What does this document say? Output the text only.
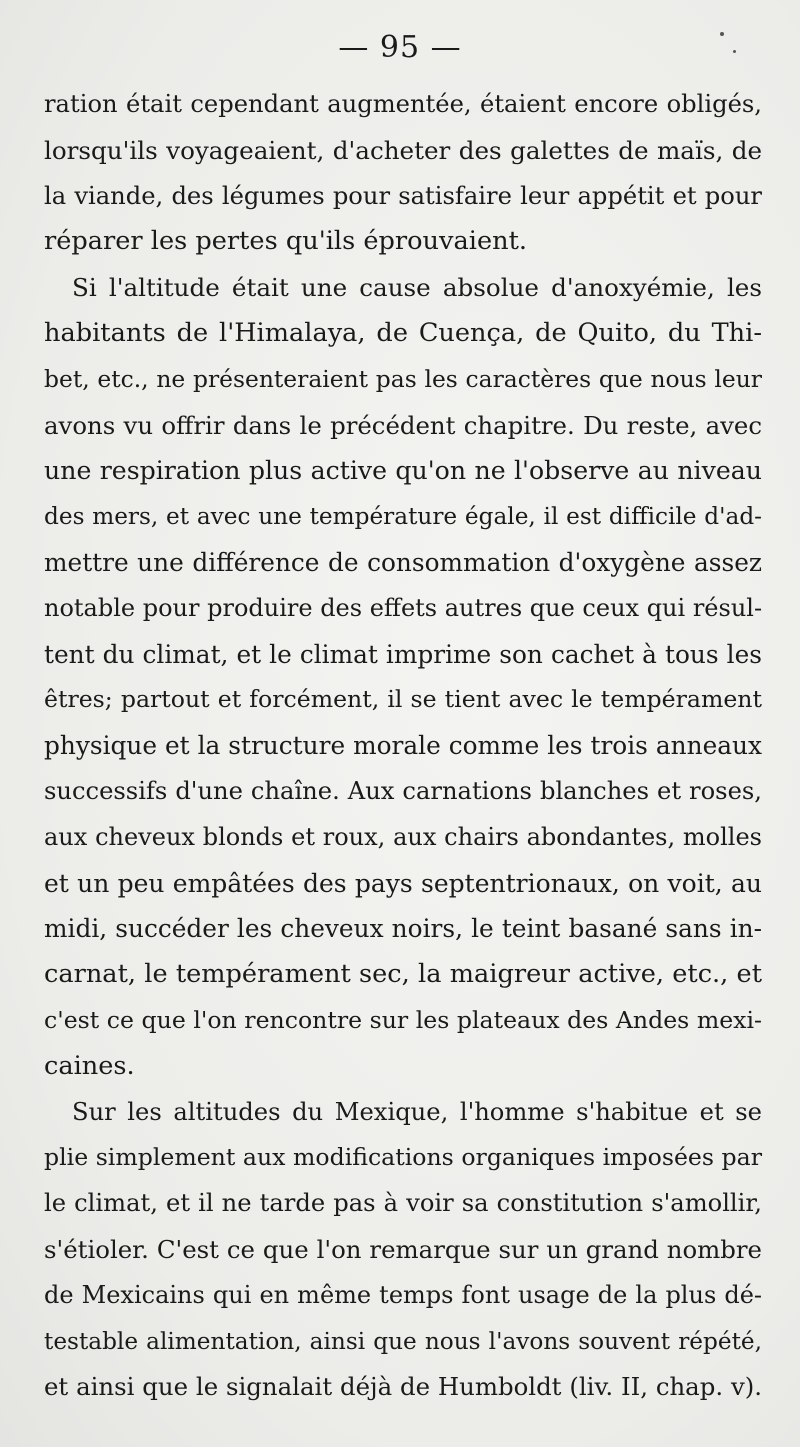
— 95 —
ration était cependant augmentée, étaient encore obligés,
lorsqu'ils voyageaient, d'acheter des galettes de maïs, de
la viande, des légumes pour satisfaire leur appétit et pour
réparer les pertes qu'ils éprouvaient.
Si l'altitude était une cause absolue d'anoxyémie, les
habitants de l'Himalaya, de Cuença, de Quito, du Thi-
bet, etc., ne présenteraient pas les caractères que nous leur
avons vu offrir dans le précédent chapitre. Du reste, avec
une respiration plus active qu'on ne l'observe au niveau
des mers, et avec une température égale, il est difficile d'ad-
mettre une différence de consommation d'oxygène assez
notable pour produire des effets autres que ceux qui résul-
tent du climat, et le climat imprime son cachet à tous les
êtres; partout et forcément, il se tient avec le tempérament
physique et la structure morale comme les trois anneaux
successifs d'une chaîne. Aux carnations blanches et roses,
aux cheveux blonds et roux, aux chairs abondantes, molles
et un peu empâtées des pays septentrionaux, on voit, au
midi, succéder les cheveux noirs, le teint basané sans in-
carnat, le tempérament sec, la maigreur active, etc., et
c'est ce que l'on rencontre sur les plateaux des Andes mexi-
caines.
Sur les altitudes du Mexique, l'homme s'habitue et se
plie simplement aux modifications organiques imposées par
le climat, et il ne tarde pas à voir sa constitution s'amollir,
s'étioler. C'est ce que l'on remarque sur un grand nombre
de Mexicains qui en même temps font usage de la plus dé-
testable alimentation, ainsi que nous l'avons souvent répété,
et ainsi que le signalait déjà de Humboldt (liv. II, chap. v).
